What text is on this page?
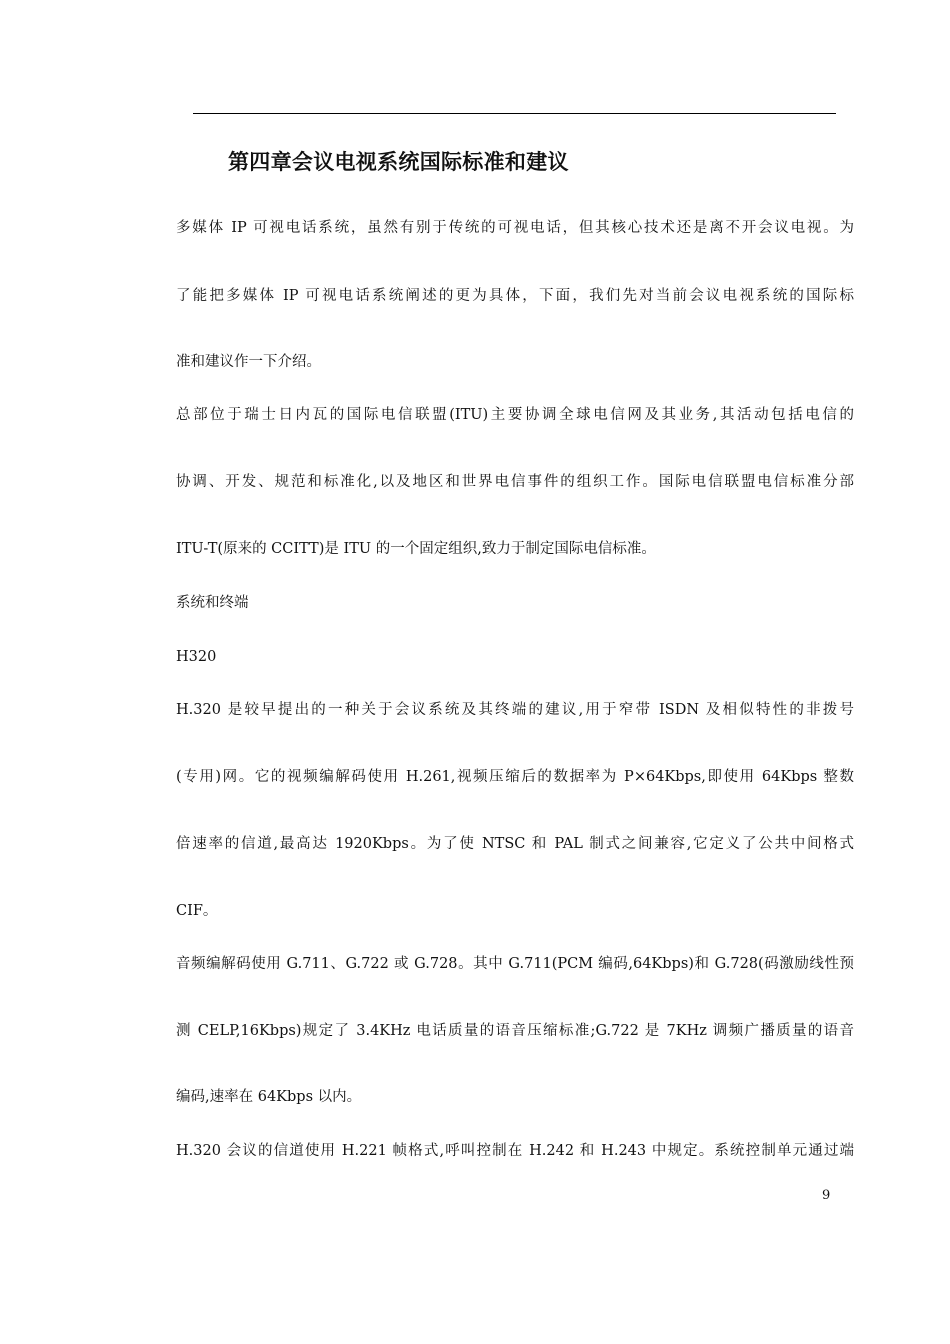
第四章会议电视系统国际标准和建议
多媒体 IP 可视电话系统，虽然有别于传统的可视电话，但其核心技术还是离不开会议电视。为
了能把多媒体 IP 可视电话系统阐述的更为具体，下面，我们先对当前会议电视系统的国际标
准和建议作一下介绍。
总部位于瑞士日内瓦的国际电信联盟(ITU)主要协调全球电信网及其业务,其活动包括电信的
协调、开发、规范和标准化,以及地区和世界电信事件的组织工作。国际电信联盟电信标准分部
ITU-T(原来的 CCITT)是 ITU 的一个固定组织,致力于制定国际电信标准。
系统和终端
H320
H.320 是较早提出的一种关于会议系统及其终端的建议,用于窄带 ISDN 及相似特性的非拨号
(专用)网。它的视频编解码使用 H.261,视频压缩后的数据率为 P×64Kbps,即使用 64Kbps 整数
倍速率的信道,最高达 1920Kbps。为了使 NTSC 和 PAL 制式之间兼容,它定义了公共中间格式
CIF。
音频编解码使用 G.711、G.722 或 G.728。其中 G.711(PCM 编码,64Kbps)和 G.728(码激励线性预
测 CELP,16Kbps)规定了 3.4KHz 电话质量的语音压缩标准;G.722 是 7KHz 调频广播质量的语音
编码,速率在 64Kbps 以内。
H.320 会议的信道使用 H.221 帧格式,呼叫控制在 H.242 和 H.243 中规定。系统控制单元通过端
9
